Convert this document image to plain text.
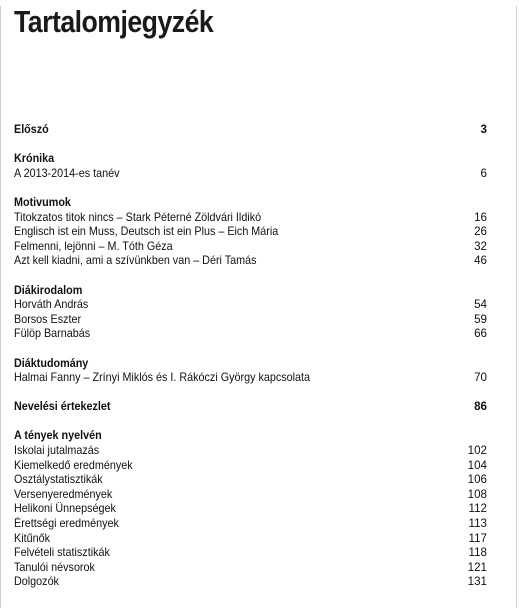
Tartalomjegyzék
Előszó	3
Krónika
A 2013-2014-es tanév	6
Motivumok
Titokzatos titok nincs – Stark Péterné Zöldvári Ildikó	16
Englisch ist ein Muss, Deutsch ist ein Plus – Eich Mária	26
Felmenni, lejönni – M. Tóth Géza	32
Azt kell kiadni, ami a szívünkben van – Déri Tamás	46
Diákirodalom
Horváth András	54
Borsos Eszter	59
Fülöp Barnabás	66
Diáktudomány
Halmai Fanny – Zrínyi Miklós és I. Rákóczi György kapcsolata	70
Nevelési értekezlet	86
A tények nyelvén
Iskolai jutalmazás	102
Kiemelkedő eredmények	104
Osztálystatisztikák	106
Versenyeredmények	108
Helikoni Ünnepségek	112
Érettségi eredmények	113
Kitűnők	117
Felvételi statisztikák	118
Tanulói névsorok	121
Dolgozók	131
